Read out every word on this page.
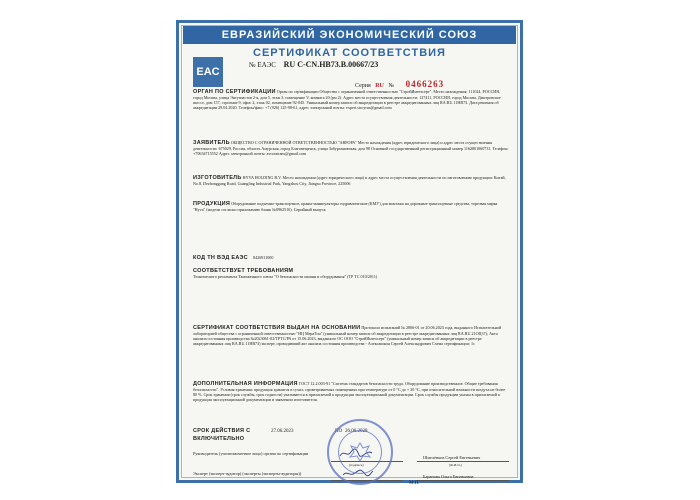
ЕВРАЗИЙСКИЙ ЭКОНОМИЧЕСКИЙ СОЮЗ
СЕРТИФИКАТ СООТВЕТСТВИЯ
EAC
№ ЕАЭС RU C-CN.HB73.B.00667/23
Серия RU № 0466263
ОРГАН ПО СЕРТИФИКАЦИИ Орган по сертификации Общества с ограниченной ответственностью "СтройИнтехсерт". Место нахождения: 111024, РОССИЯ, город Москва, улица Энтузиастов 2-я, дом 5, этаж 3, помещение V, комната 20 (рм 2). Адрес места осуществления деятельности: 127411, РОССИЯ, город Москва, Дмитровское шоссе, дом 157, строение 9, офис 2, этаж 02, помещение 92-045. Уникальный номер записи об аккредитации в реестре аккредитованных лиц RA.RU.11HB73. Дата решения об аккредитации 29.04.2020. Телефон/факс: +7 (926) 125-98-61, адрес электронной почты: expert.stroyrus@gmail.com
ЗАЯВИТЕЛЬ ОБЩЕСТВО С ОГРАНИЧЕННОЙ ОТВЕТСТВЕННОСТЬЮ "АВРОРА" Место нахождения (адрес юридического лица) и адрес места осуществления деятельности: 675029, Россия, область Амурская, город Благовещенск, улица Забурхановская, дом 98 Основной государственный регистрационный номер 1162801060731. Телефон: +79634715552 Адрес электронной почты: avroratrans@gmail.com
ИЗГОТОВИТЕЛЬ HYVA HOLDING B.V. Место нахождения (адрес юридического лица) и адрес места осуществления деятельности по изготовлению продукции: Китай, No.8, Dezhonggang Road, Guangling Industrial Park, Yangzhou City, Jiangsu Province, 225006
ПРОДУКЦИЯ Оборудование подъемно-транспортное, краны-манипуляторы гидравлические (КМУ) для монтажа на дорожные транспортные средства, торговая марка "Hyva" (модели согласно приложению бланк №0962516). Серийный выпуск
КОД ТН ВЭД ЕАЭС 8426911000
СООТВЕТСТВУЕТ ТРЕБОВАНИЯМ
Технического регламента Таможенного союза "О безопасности машин и оборудования" (ТР ТС 010/2011)
СЕРТИФИКАТ СООТВЕТСТВИЯ ВЫДАН НА ОСНОВАНИИ Протокола испытаний № 2806-01 от 20.06.2023 года, выданного Испытательной лабораторией общества с ограниченной ответственностью "ИЦ МераТон" (уникальный номер записи об аккредитации в реестре аккредитованных лиц RA.RU.21OЦ37); Акта анализа состояния производства №2023061-02/ТРТС/РА от 15.06.2023, выданного ОС ООО "СтройИнтехсерт" (уникальный номер записи об аккредитации в реестре аккредитованных лиц RA.RU.11HB73) эксперт, проводивший акт анализа состояния производства - Алексашкин Сергей Александрович Схема сертификации: 1с
ДОПОЛНИТЕЛЬНАЯ ИНФОРМАЦИЯ ГОСТ 12.2.003-91 "Система стандартов безопасности труда. Оборудование производственное. Общие требования безопасности". Условия хранения: продукция хранится в сухих, проветриваемых помещениях при температуре от 0 °С до + 30 °С, при относительной влажности воздуха не более 80 %. Срок хранения (срок службы, срок годности) указывается в прилагаемой к продукции эксплуатационной документации. Срок службы продукции указан в прилагаемой к продукции эксплуатационной документации и заявлении изготовителя.
СРОК ДЕЙСТВИЯ С	27.06.2023	ПО 26.06.2028
ВКЛЮЧИТЕЛЬНО
Руководитель (уполномоченное лицо) органа по сертификации
(подпись)
Шмелёнков Сергей Евгеньевич
(Ф.И.О.)
Эксперт (эксперт-аудитор) (эксперты (эксперты-аудиторы))
Баранова Ольга Евгеньевна
М.П.
